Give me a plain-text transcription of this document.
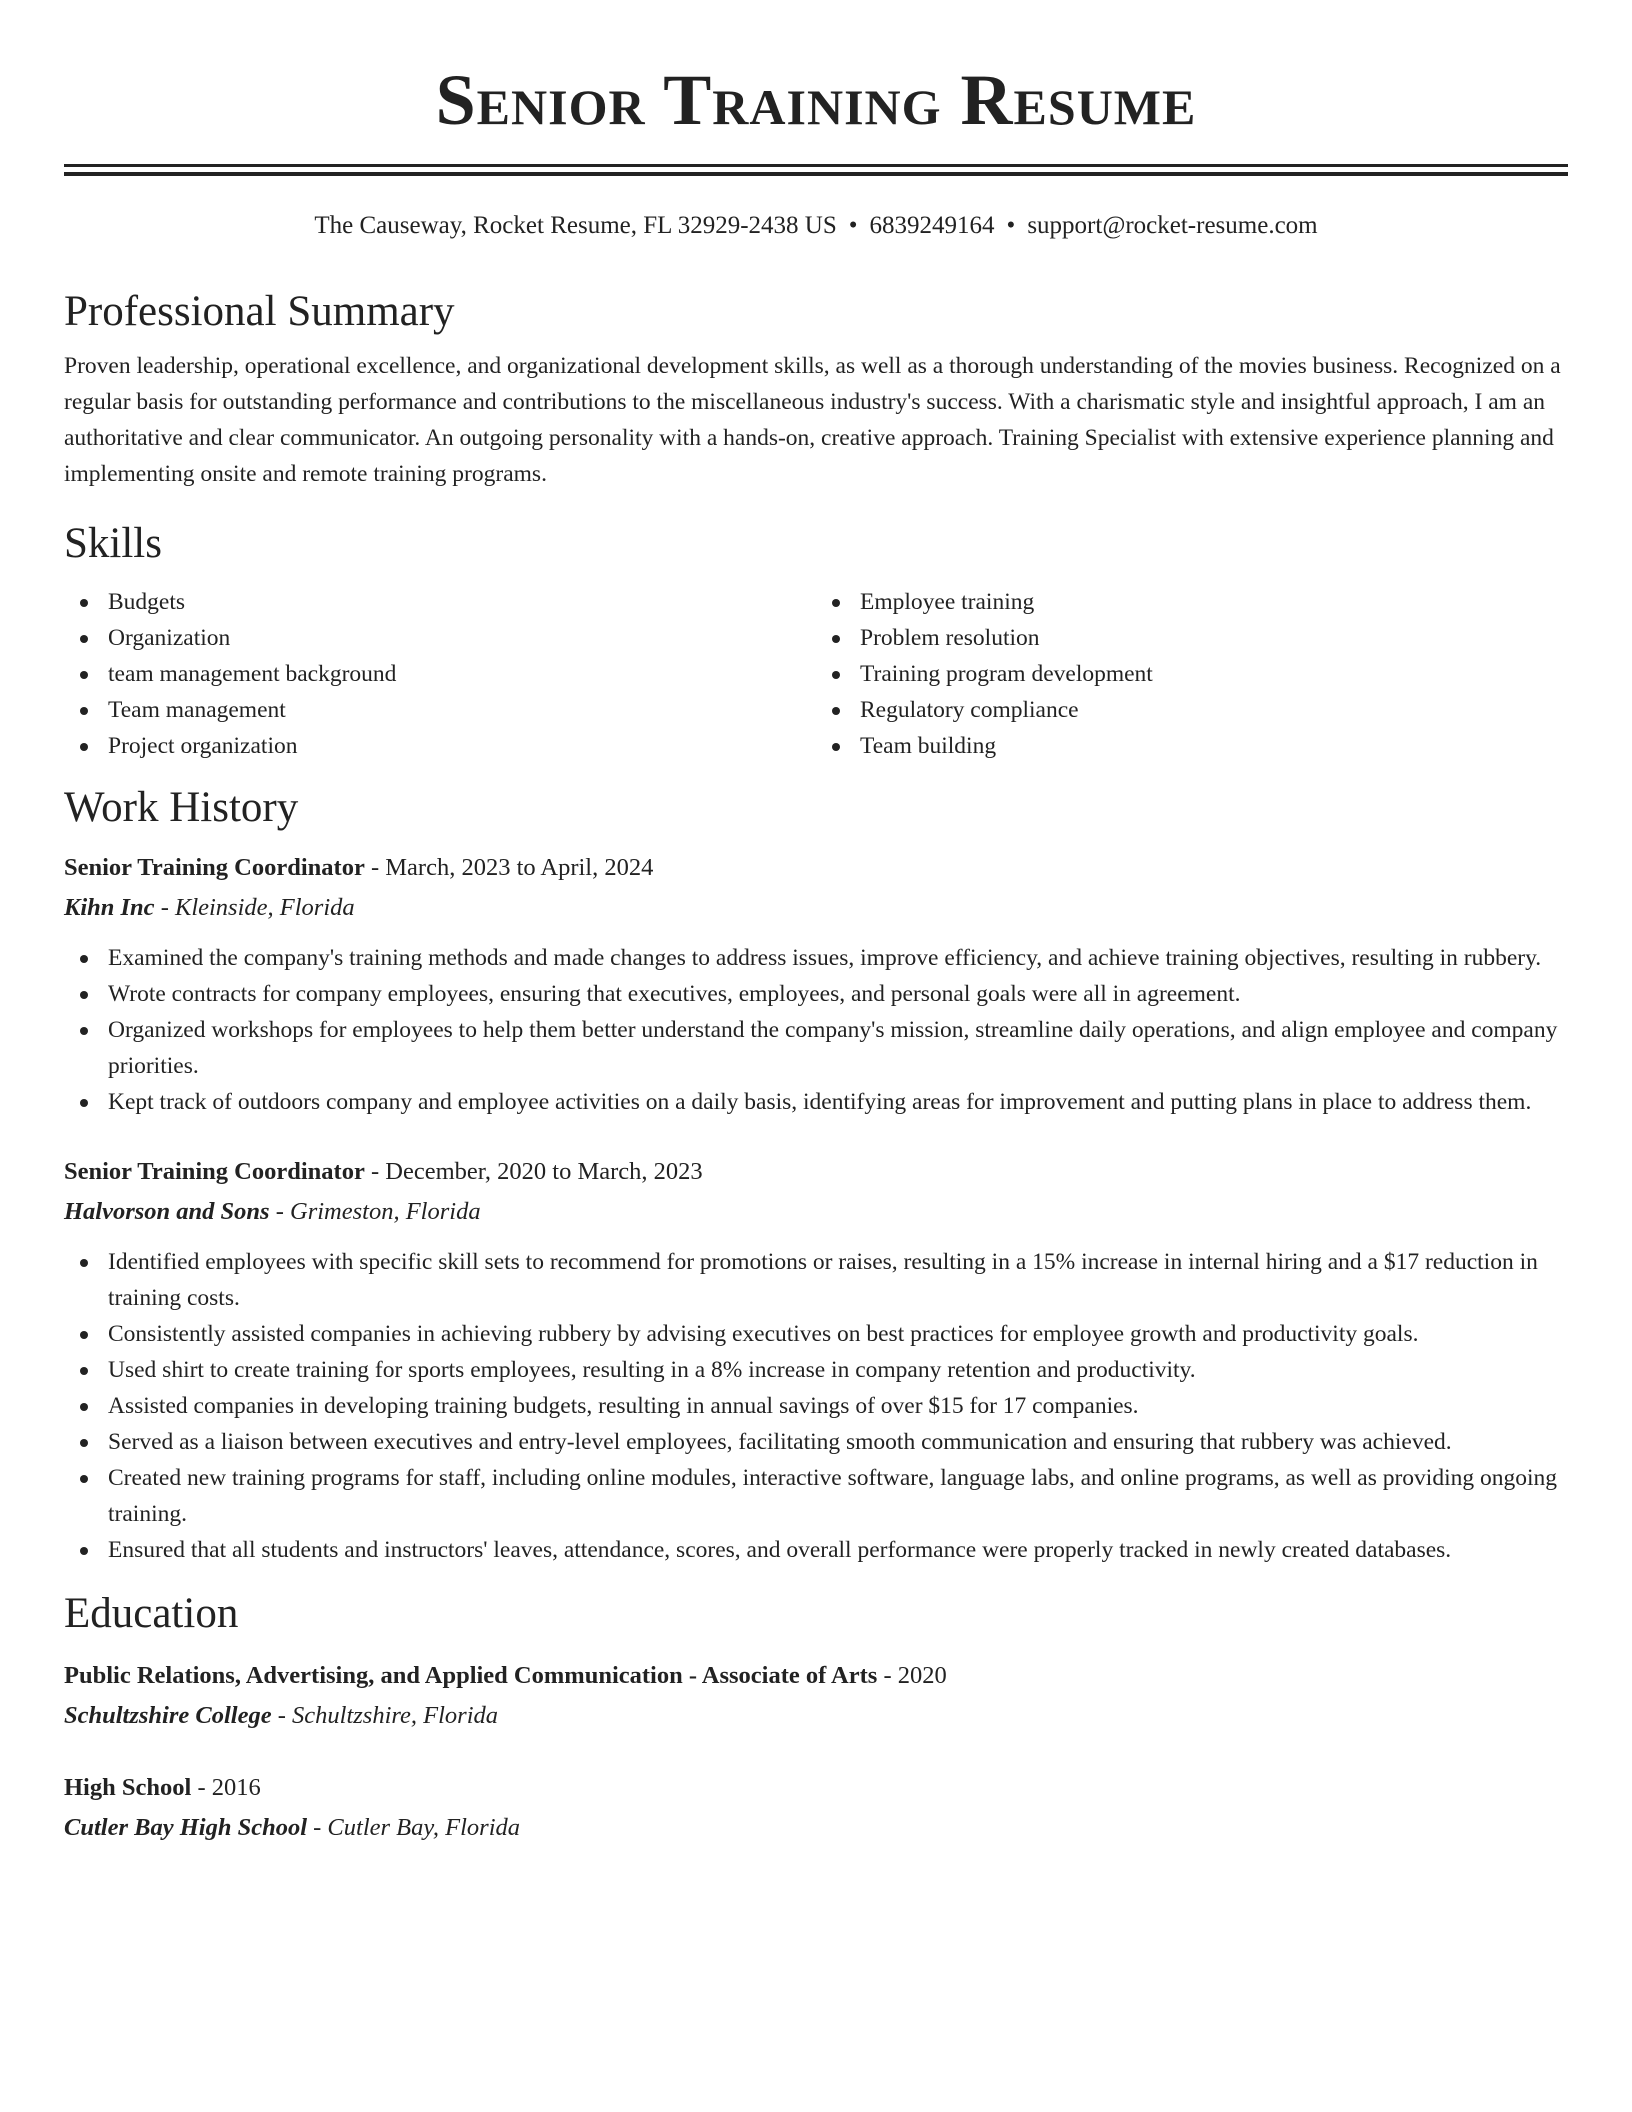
Senior Training Resume
The Causeway, Rocket Resume, FL 32929-2438 US • 6839249164 • support@rocket-resume.com
Professional Summary
Proven leadership, operational excellence, and organizational development skills, as well as a thorough understanding of the movies business. Recognized on a regular basis for outstanding performance and contributions to the miscellaneous industry's success. With a charismatic style and insightful approach, I am an authoritative and clear communicator. An outgoing personality with a hands-on, creative approach. Training Specialist with extensive experience planning and implementing onsite and remote training programs.
Skills
Budgets
Organization
team management background
Team management
Project organization
Employee training
Problem resolution
Training program development
Regulatory compliance
Team building
Work History
Senior Training Coordinator - March, 2023 to April, 2024
Kihn Inc - Kleinside, Florida
Examined the company's training methods and made changes to address issues, improve efficiency, and achieve training objectives, resulting in rubbery.
Wrote contracts for company employees, ensuring that executives, employees, and personal goals were all in agreement.
Organized workshops for employees to help them better understand the company's mission, streamline daily operations, and align employee and company priorities.
Kept track of outdoors company and employee activities on a daily basis, identifying areas for improvement and putting plans in place to address them.
Senior Training Coordinator - December, 2020 to March, 2023
Halvorson and Sons - Grimeston, Florida
Identified employees with specific skill sets to recommend for promotions or raises, resulting in a 15% increase in internal hiring and a $17 reduction in training costs.
Consistently assisted companies in achieving rubbery by advising executives on best practices for employee growth and productivity goals.
Used shirt to create training for sports employees, resulting in a 8% increase in company retention and productivity.
Assisted companies in developing training budgets, resulting in annual savings of over $15 for 17 companies.
Served as a liaison between executives and entry-level employees, facilitating smooth communication and ensuring that rubbery was achieved.
Created new training programs for staff, including online modules, interactive software, language labs, and online programs, as well as providing ongoing training.
Ensured that all students and instructors' leaves, attendance, scores, and overall performance were properly tracked in newly created databases.
Education
Public Relations, Advertising, and Applied Communication - Associate of Arts - 2020
Schultzshire College - Schultzshire, Florida
High School - 2016
Cutler Bay High School - Cutler Bay, Florida
